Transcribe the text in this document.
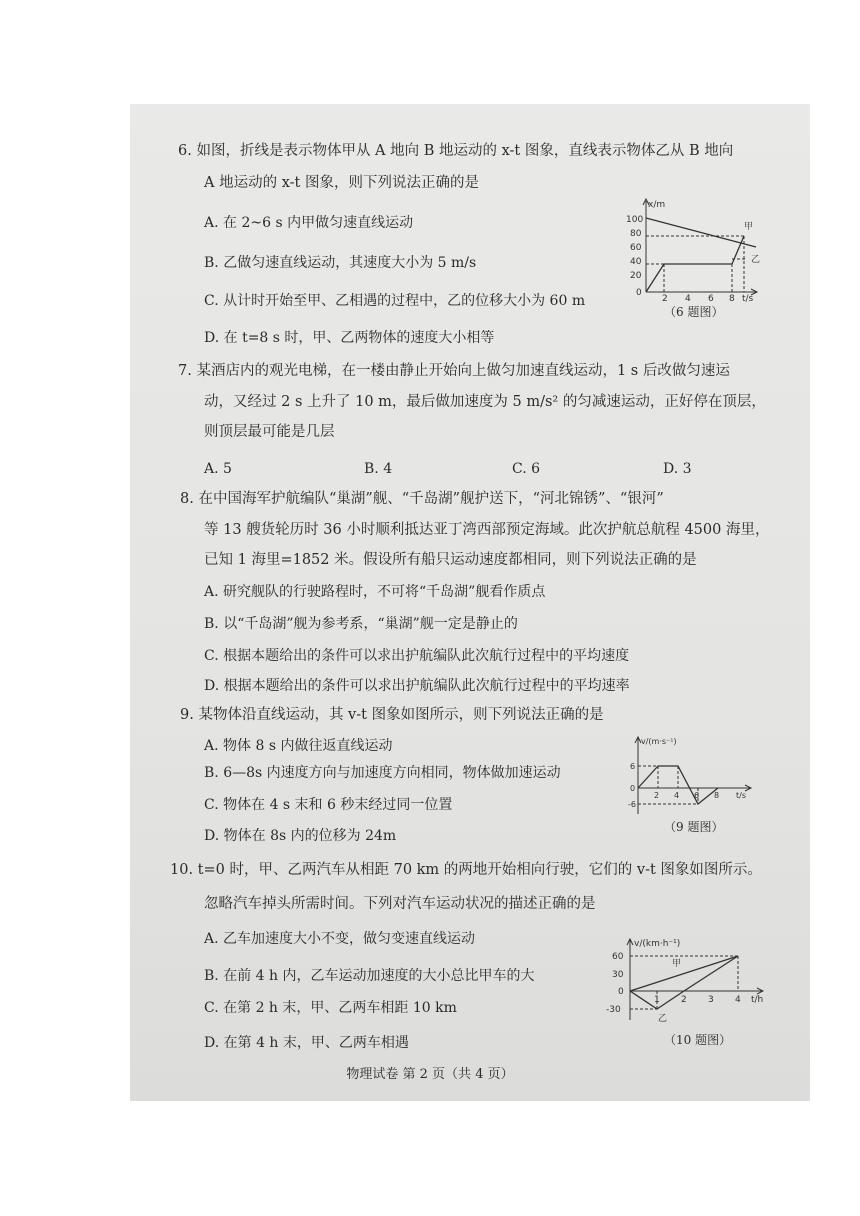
6. 如图，折线是表示物体甲从 A 地向 B 地运动的 x-t 图象，直线表示物体乙从 B 地向
A 地运动的 x-t 图象，则下列说法正确的是
A. 在 2~6 s 内甲做匀速直线运动
B. 乙做匀速直线运动，其速度大小为 5 m/s
C. 从计时开始至甲、乙相遇的过程中，乙的位移大小为 60 m
D. 在 t=8 s 时，甲、乙两物体的速度大小相等
x/m
100
80
60
40
20
0
2 4 6 8 t/s
甲
乙
（6 题图）
7. 某酒店内的观光电梯，在一楼由静止开始向上做匀加速直线运动，1 s 后改做匀速运
动，又经过 2 s 上升了 10 m，最后做加速度为 5 m/s² 的匀减速运动，正好停在顶层，
则顶层最可能是几层
A. 5	B. 4	C. 6	D. 3
8. 在中国海军护航编队“巢湖”舰、“千岛湖”舰护送下，“河北锦锈”、“银河”
等 13 艘货轮历时 36 小时顺利抵达亚丁湾西部预定海域。此次护航总航程 4500 海里，
已知 1 海里=1852 米。假设所有船只运动速度都相同，则下列说法正确的是
A. 研究舰队的行驶路程时，不可将“千岛湖”舰看作质点
B. 以“千岛湖”舰为参考系，“巢湖”舰一定是静止的
C. 根据本题给出的条件可以求出护航编队此次航行过程中的平均速度
D. 根据本题给出的条件可以求出护航编队此次航行过程中的平均速率
9. 某物体沿直线运动，其 v-t 图象如图所示，则下列说法正确的是
A. 物体 8 s 内做往返直线运动
B. 6—8s 内速度方向与加速度方向相同，物体做加速运动
C. 物体在 4 s 末和 6 秒末经过同一位置
D. 物体在 8s 内的位移为 24m
v/(m·s⁻¹)
6
0
-6
2 4 6 8 t/s
（9 题图）
10. t=0 时，甲、乙两汽车从相距 70 km 的两地开始相向行驶，它们的 v-t 图象如图所示。
忽略汽车掉头所需时间。下列对汽车运动状况的描述正确的是
A. 乙车加速度大小不变，做匀变速直线运动
B. 在前 4 h 内，乙车运动加速度的大小总比甲车的大
C. 在第 2 h 末，甲、乙两车相距 10 km
D. 在第 4 h 末，甲、乙两车相遇
v/(km·h⁻¹)
60
30
0
-30
1 2 3 4 t/h
甲
乙
（10 题图）
物理试卷 第 2 页（共 4 页）
